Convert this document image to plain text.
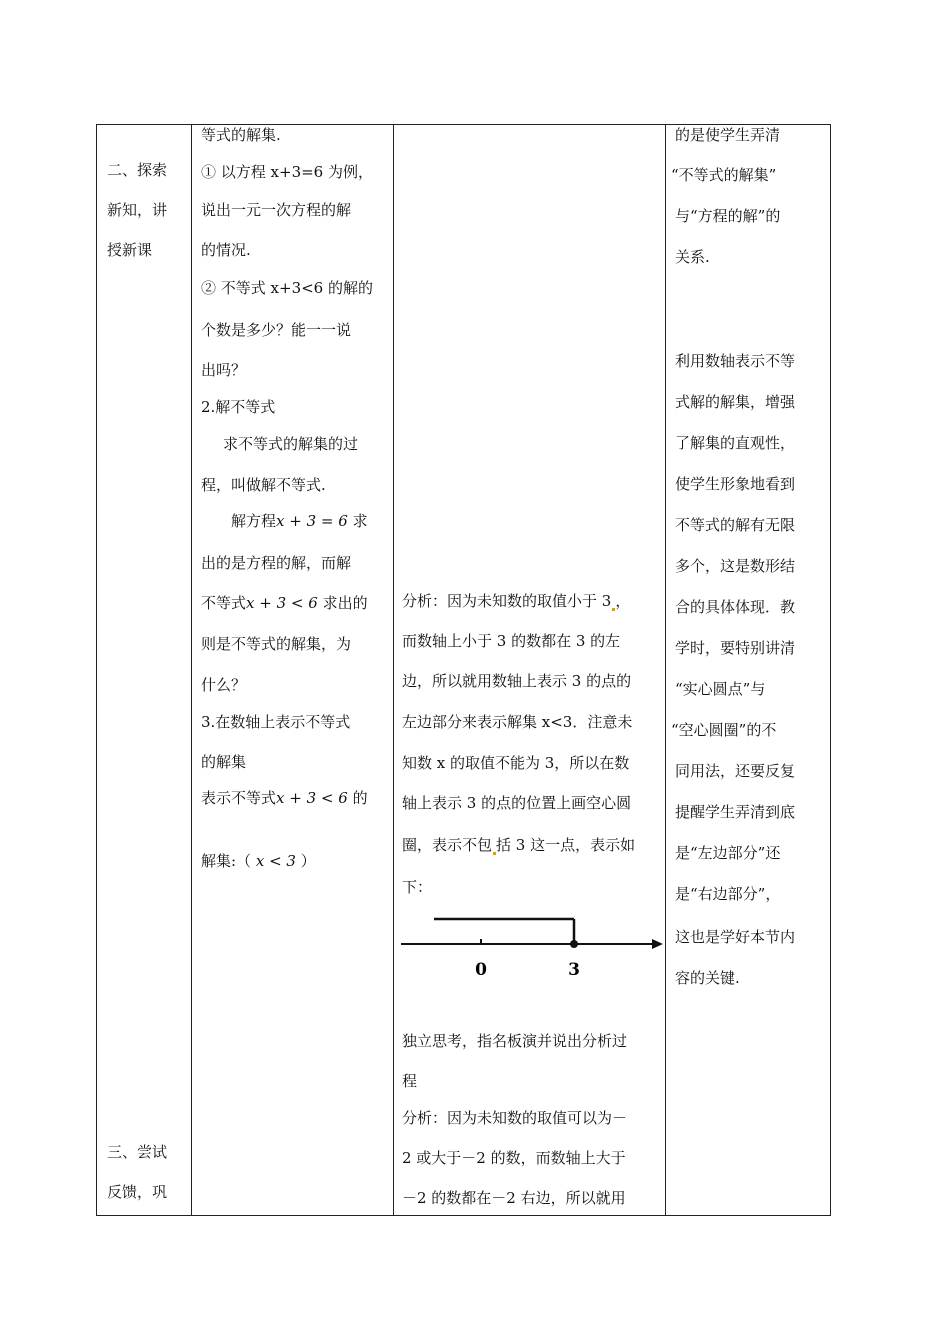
二、探索
新知，讲
授新课
三、尝试
反馈，巩
等式的解集.
① 以方程 x+3=6 为例，
说出一元一次方程的解
的情况.
② 不等式 x+3<6 的解的
个数是多少？能一一说
出吗？
2.解不等式
求不等式的解集的过
程，叫做解不等式.
解方程x + 3 = 6 求
出的是方程的解，而解
不等式x + 3 < 6 求出的
则是不等式的解集，为
什么？
3.在数轴上表示不等式
的解集
表示不等式x + 3 < 6 的
解集:（ x < 3 ）
分析：因为未知数的取值小于 3 ，
而数轴上小于 3 的数都在 3 的左
边，所以就用数轴上表示 3 的点的
左边部分来表示解集 x<3．注意未
知数 x 的取值不能为 3，所以在数
轴上表示 3 的点的位置上画空心圆
圈，表示不包 括 3 这一点，表示如
下：
0	3
独立思考，指名板演并说出分析过
程
分析：因为未知数的取值可以为－
2 或大于－2 的数，而数轴上大于
－2 的数都在－2 右边，所以就用
的是使学生弄清
“不等式的解集”
与“方程的解”的
关系.
利用数轴表示不等
式解的解集，增强
了解集的直观性，
使学生形象地看到
不等式的解有无限
多个，这是数形结
合的具体体现．教
学时，要特别讲清
“实心圆点”与
“空心圆圈”的不
同用法，还要反复
提醒学生弄清到底
是“左边部分”还
是“右边部分”，
这也是学好本节内
容的关键.
